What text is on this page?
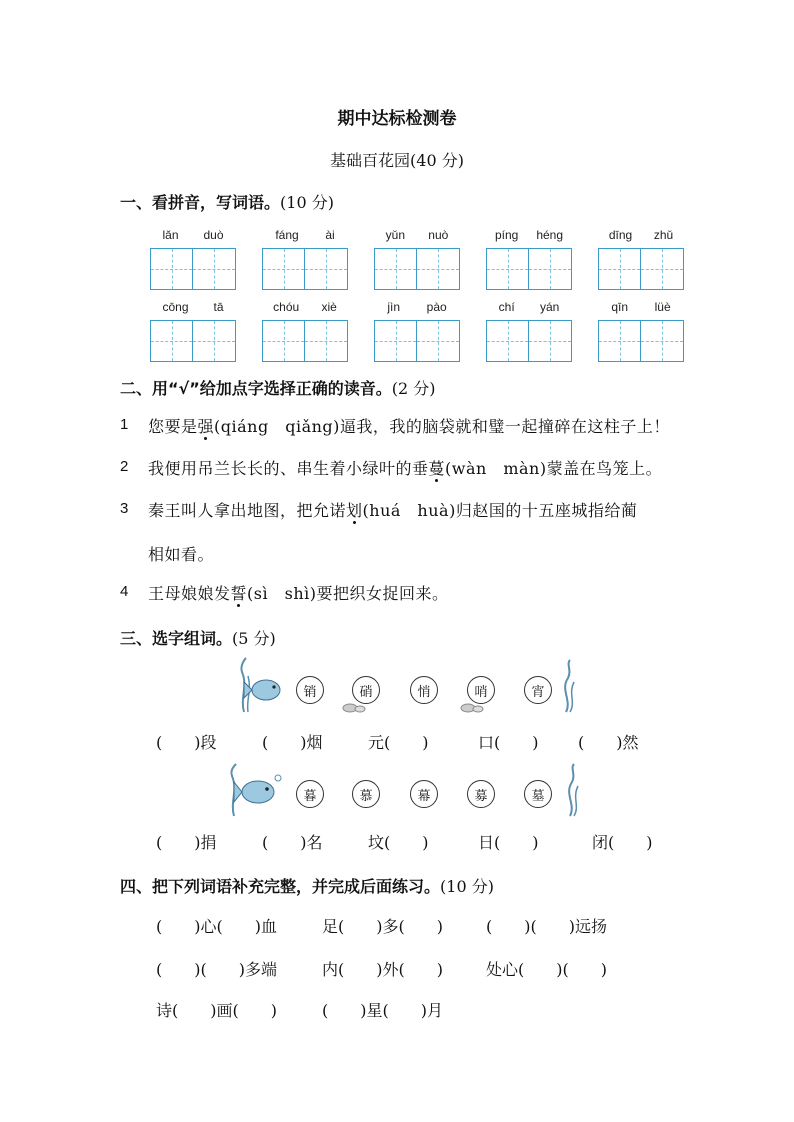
期中达标检测卷
基础百花园(40 分)
一、看拼音，写词语。(10 分)
lǎn duò	fáng ài	yǔn nuò	píng héng	dīng zhǔ
cōng tā	chóu xiè	jìn pào	chí yán	qīn lüè
二、用“√”给加点字选择正确的读音。(2 分)
1 您要是强(qiáng　qiǎng)逼我，我的脑袋就和璧一起撞碎在这柱子上！
2 我便用吊兰长长的、串生着小绿叶的垂蔓(wàn　màn)蒙盖在鸟笼上。
3 秦王叫人拿出地图，把允诺划(huá　huà)归赵国的十五座城指给蔺
相如看。
4 王母娘娘发誓(sì　shì)要把织女捉回来。
三、选字组词。(5 分)
销	硝	悄	哨	宵
(　　)段	(　　)烟	元(　　)	口(　　) (　　)然
暮	慕	幕	募	墓
(　　)捐	(　　)名	坟(　　)	日(　　)	闭(　　)
四、把下列词语补充完整，并完成后面练习。(10 分)
(　　)心(　　)血	足(　　)多(　　)	(　　)(　　)远扬
(　　)(　　)多端	内(　　)外(　　)	处心(　　)(　　)
诗(　　)画(　　)	(　　)星(　　)月
